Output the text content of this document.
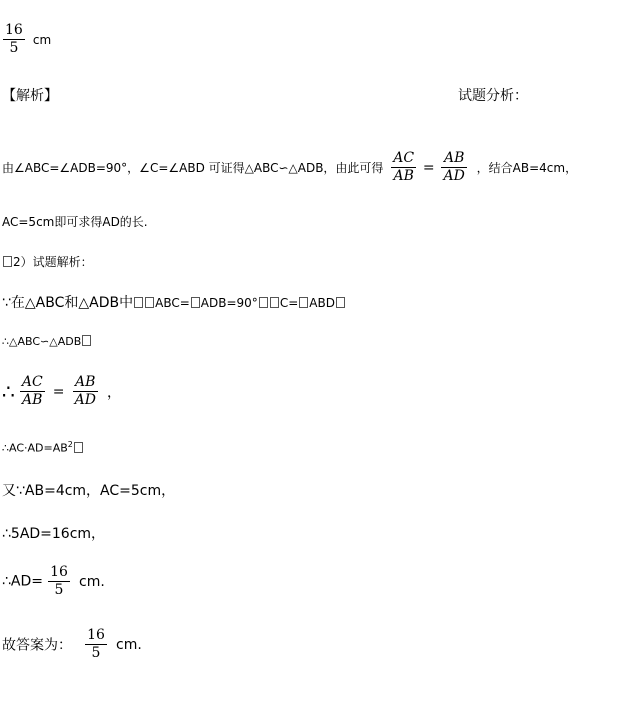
$\frac{16}{5}$ cm
【解析】	试题分析：
由∠ABC=∠ADB=90°，∠C=∠ABD 可证得△ABC∽△ADB，由此可得 $\frac{AC}{AB} = \frac{AB}{AD}$ ，结合AB=4cm，
AC=5cm即可求得AD的长.
2）试题解析：
∵在△ABC和△ADB中 ABC= ADB=90° C= ABD
∴△ABC∽△ADB
∴ $\frac{AC}{AB} = \frac{AB}{AD}$ ，
$\therefore AC\cdot AD=AB^2$
又∵AB=4cm，AC=5cm，
∴5AD=16cm，
∴AD= $\frac{16}{5}$ cm.
故答案为： $\frac{16}{5}$ cm.
